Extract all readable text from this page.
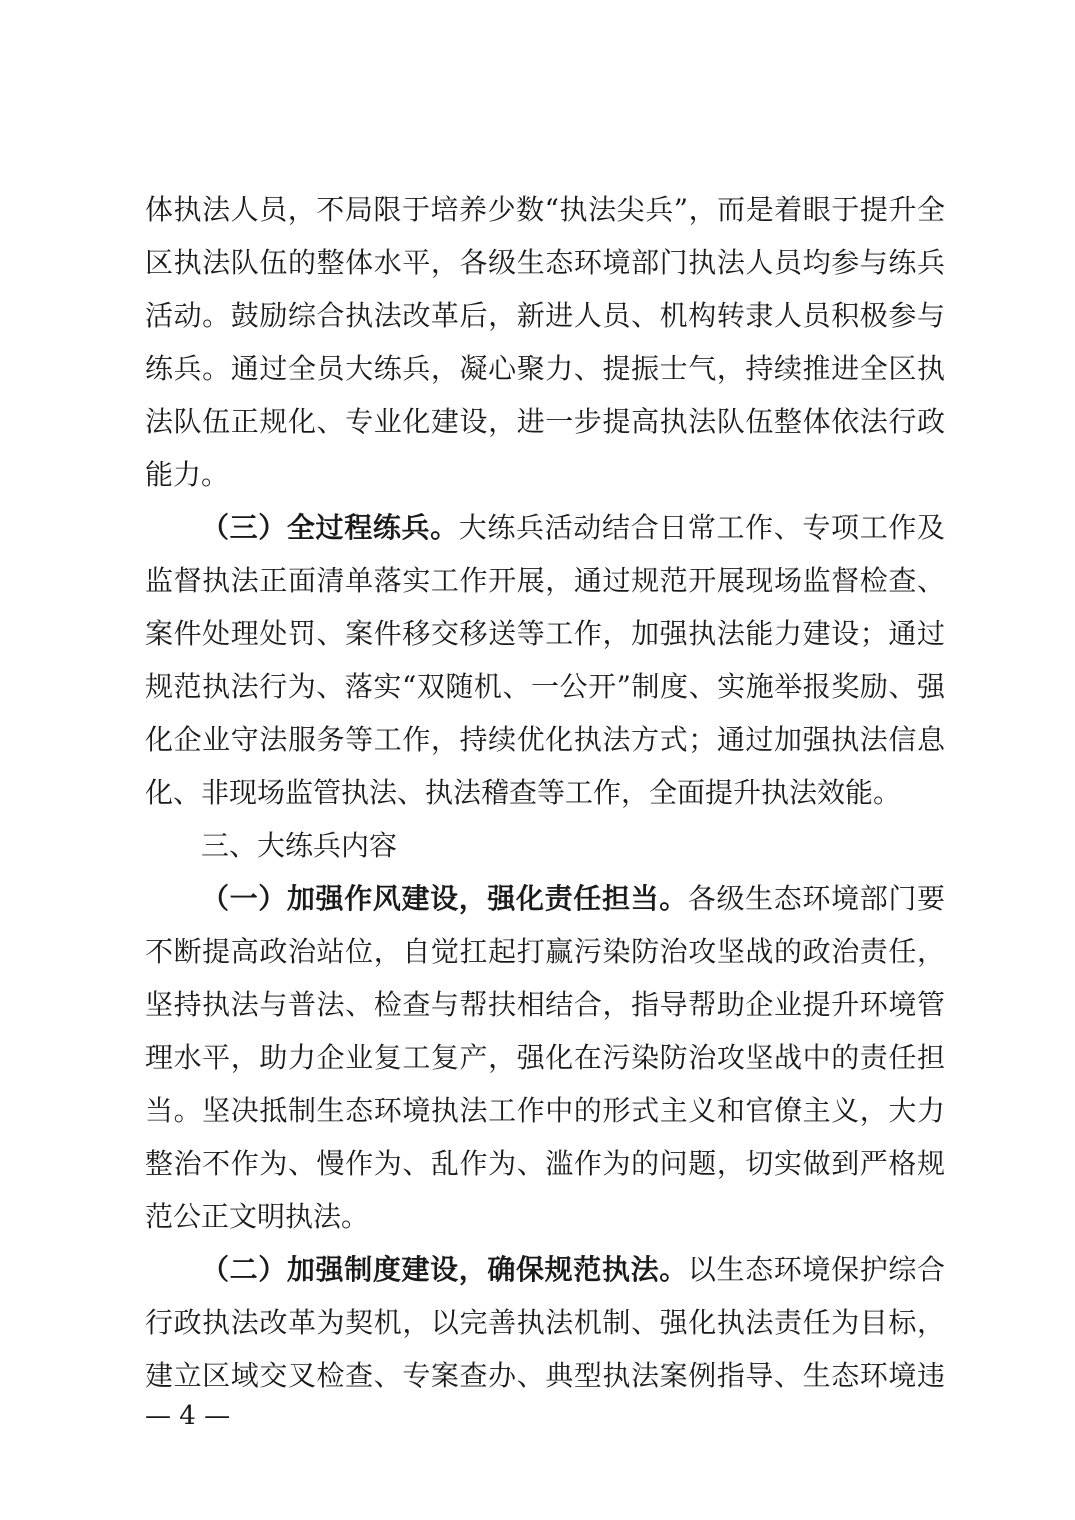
体执法人员，不局限于培养少数“执法尖兵”，而是着眼于提升全
区执法队伍的整体水平，各级生态环境部门执法人员均参与练兵
活动。鼓励综合执法改革后，新进人员、机构转隶人员积极参与
练兵。通过全员大练兵，凝心聚力、提振士气，持续推进全区执
法队伍正规化、专业化建设，进一步提高执法队伍整体依法行政
能力。
（三）全过程练兵。大练兵活动结合日常工作、专项工作及
监督执法正面清单落实工作开展，通过规范开展现场监督检查、
案件处理处罚、案件移交移送等工作，加强执法能力建设；通过
规范执法行为、落实“双随机、一公开”制度、实施举报奖励、强
化企业守法服务等工作，持续优化执法方式；通过加强执法信息
化、非现场监管执法、执法稽查等工作，全面提升执法效能。
三、大练兵内容
（一）加强作风建设，强化责任担当。各级生态环境部门要
不断提高政治站位，自觉扛起打赢污染防治攻坚战的政治责任，
坚持执法与普法、检查与帮扶相结合，指导帮助企业提升环境管
理水平，助力企业复工复产，强化在污染防治攻坚战中的责任担
当。坚决抵制生态环境执法工作中的形式主义和官僚主义，大力
整治不作为、慢作为、乱作为、滥作为的问题，切实做到严格规
范公正文明执法。
（二）加强制度建设，确保规范执法。以生态环境保护综合
行政执法改革为契机，以完善执法机制、强化执法责任为目标，
建立区域交叉检查、专案查办、典型执法案例指导、生态环境违
— 4 —
